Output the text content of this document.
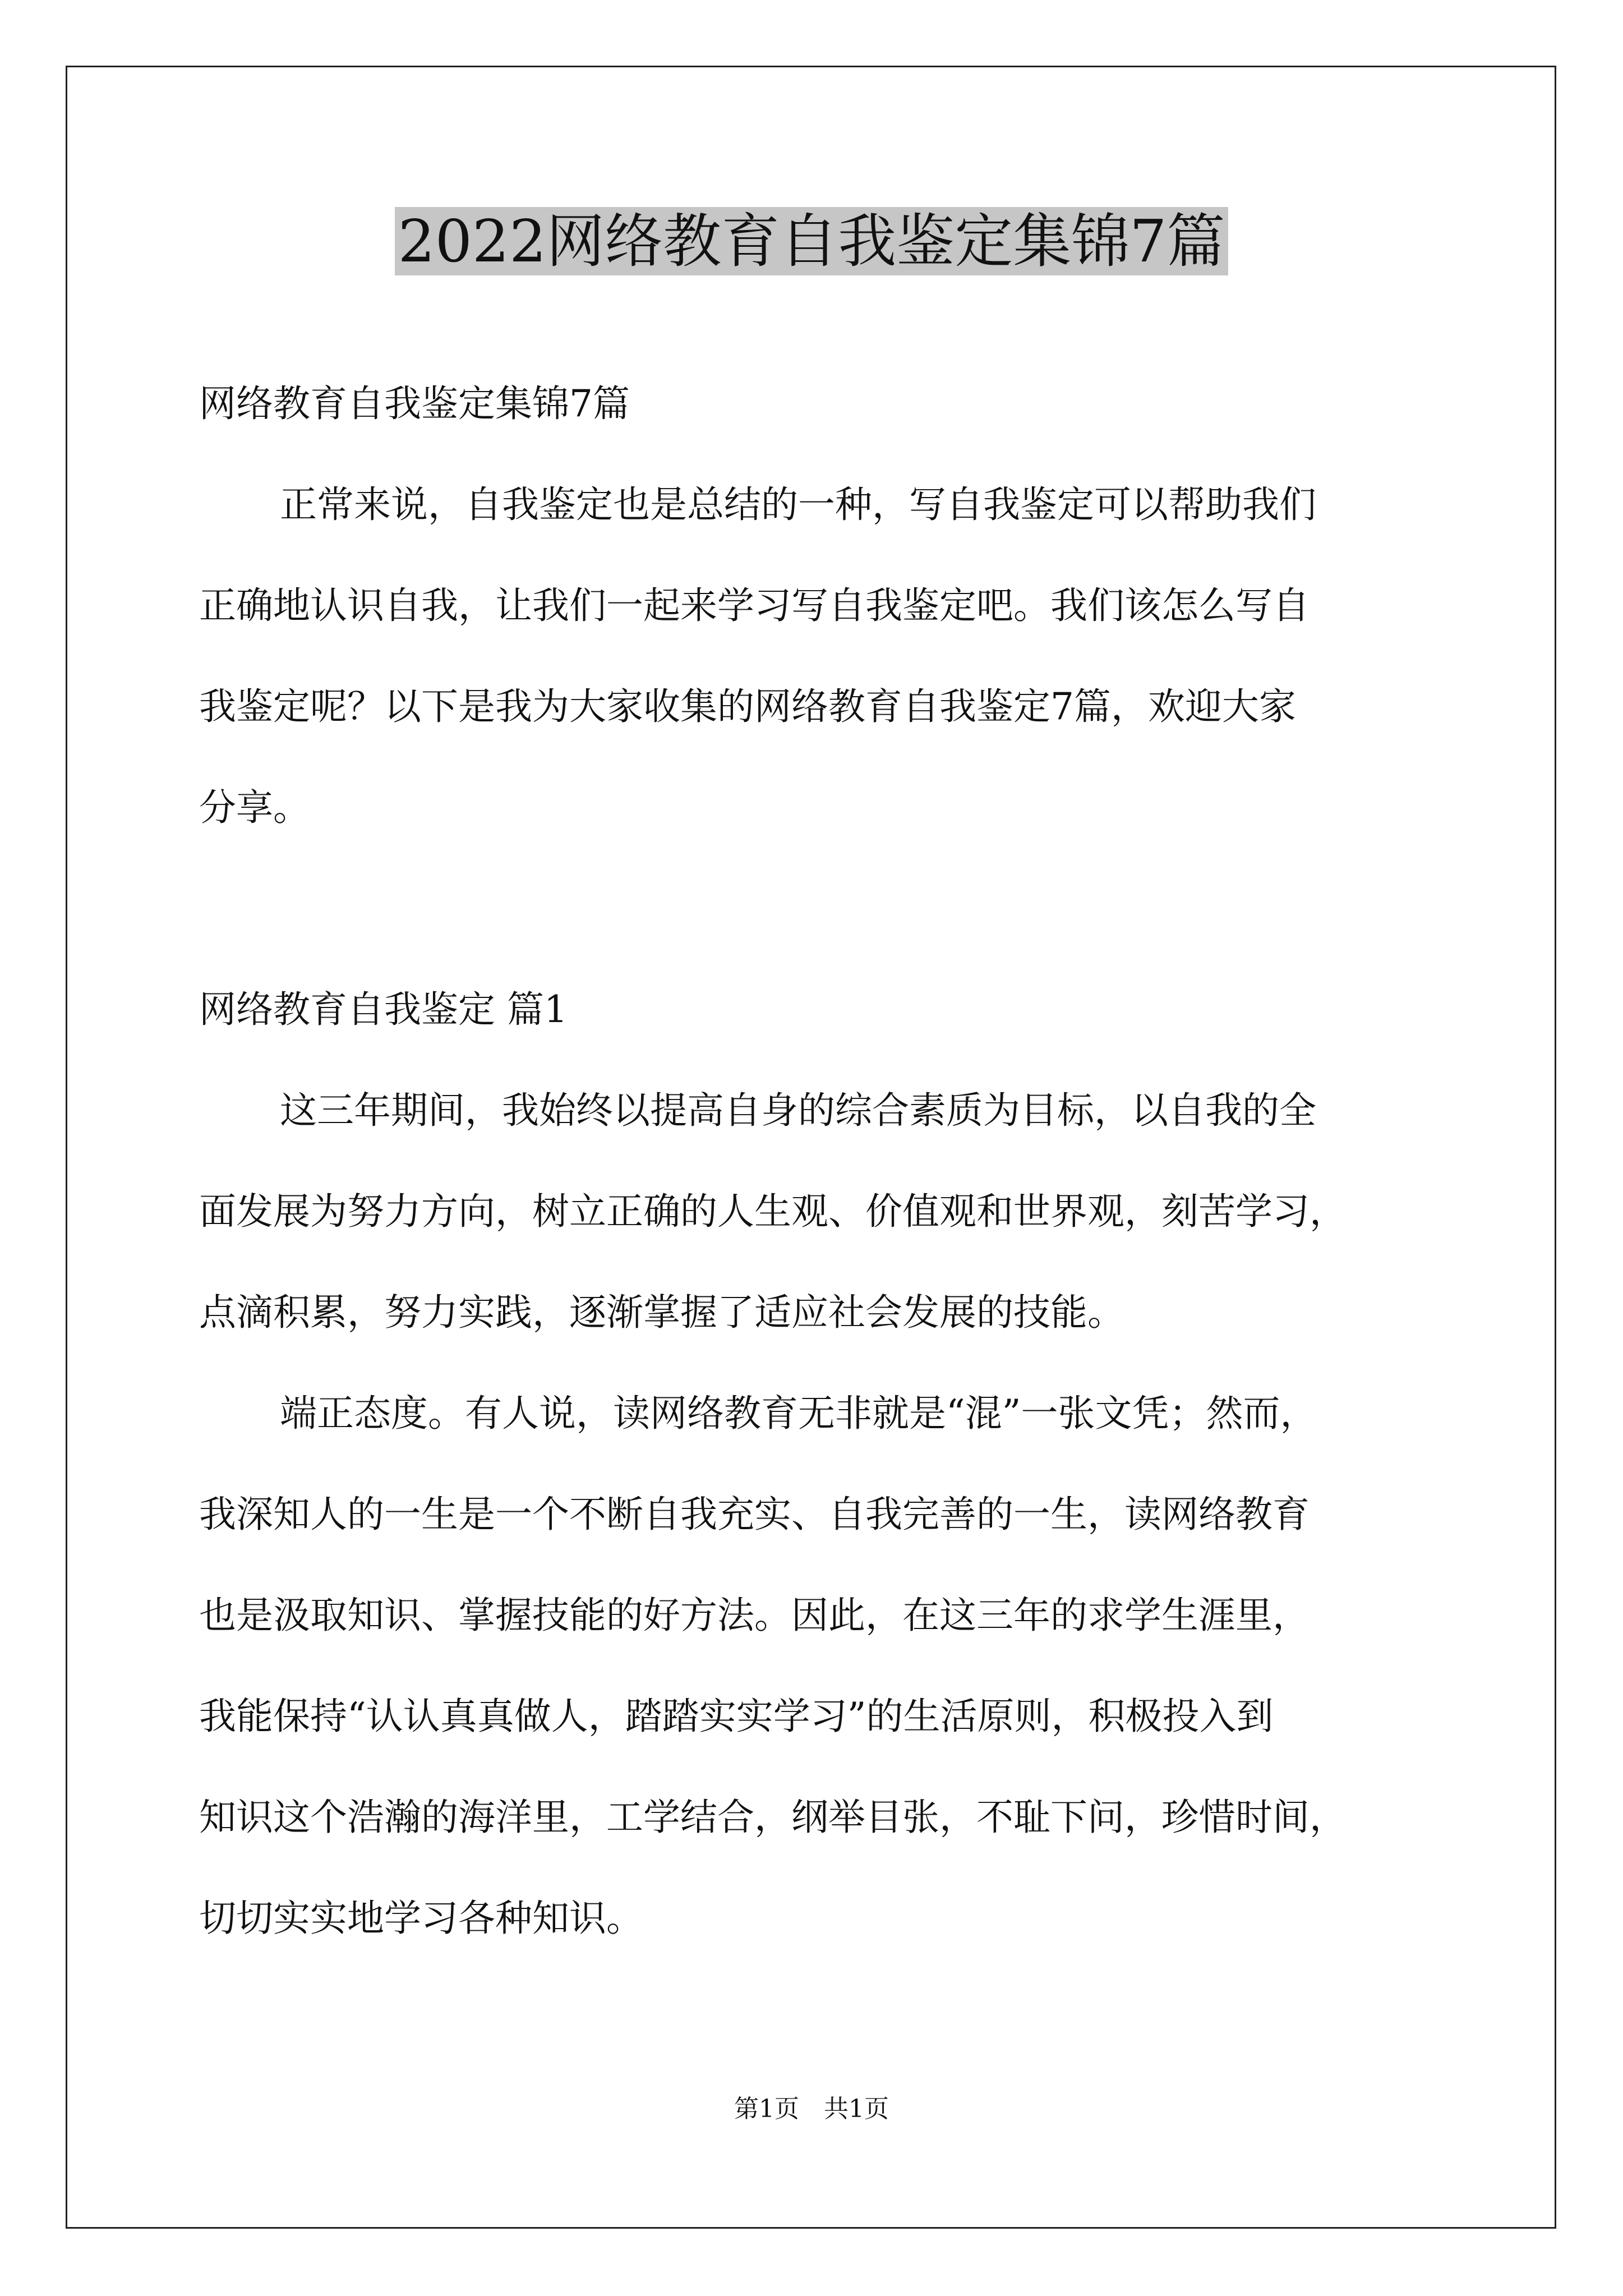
2022网络教育自我鉴定集锦7篇

网络教育自我鉴定集锦7篇

正常来说，自我鉴定也是总结的一种，写自我鉴定可以帮助我们

正确地认识自我，让我们一起来学习写自我鉴定吧。我们该怎么写自

我鉴定呢？以下是我为大家收集的网络教育自我鉴定7篇，欢迎大家

分享。

网络教育自我鉴定 篇1

这三年期间，我始终以提高自身的综合素质为目标，以自我的全

面发展为努力方向，树立正确的人生观、价值观和世界观，刻苦学习，

点滴积累，努力实践，逐渐掌握了适应社会发展的技能。

端正态度。有人说，读网络教育无非就是“混”一张文凭；然而，

我深知人的一生是一个不断自我充实、自我完善的一生，读网络教育

也是汲取知识、掌握技能的好方法。因此，在这三年的求学生涯里，

我能保持“认认真真做人，踏踏实实学习”的生活原则，积极投入到

知识这个浩瀚的海洋里，工学结合，纲举目张，不耻下问，珍惜时间，

切切实实地学习各种知识。

第1页　共1页
